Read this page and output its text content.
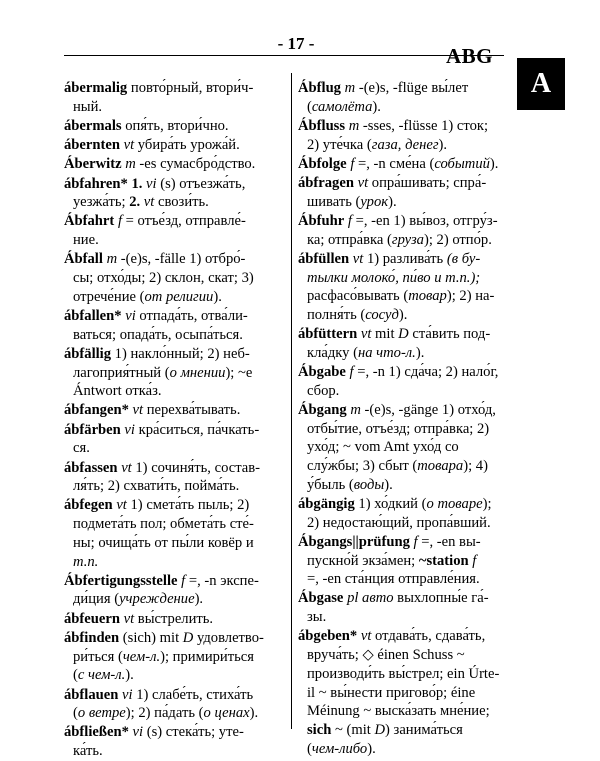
- 17 -
ABG
A
ábermalig повто́рный, втори́ч-
ный.
ábermals опя́ть, втори́чно.
ábernten vt убира́ть урожа́й.
Áberwitz m -es сумасбро́дство.
ábfahren* 1. vi (s) отъезжа́ть,
уезжа́ть; 2. vt свози́ть.
Ábfahrt f = отъе́зд, отправле́-
ние.
Ábfall m -(e)s, -fälle 1) отбро́-
сы; отхо́ды; 2) склон, скат; 3)
отрече́ние (от религии).
ábfallen* vi отпада́ть, отва́ли-
ваться; опада́ть, осыпа́ться.
ábfällig 1) накло́нный; 2) неб-
лагоприя́тный (о мнении); ~e
Ántwort отка́з.
ábfangen* vt перехва́тывать.
ábfärben vi кра́ситься, па́чкать-
ся.
ábfassen vt 1) сочиня́ть, состав-
ля́ть; 2) схвати́ть, пойма́ть.
ábfegen vt 1) смета́ть пыль; 2)
подмета́ть пол; обмета́ть сте́-
ны; очища́ть от пы́ли ковёр и
т.п.
Ábfertigungsstelle f =, -n экспе-
ди́ция (учреждение).
ábfeuern vt вы́стрелить.
ábfinden (sich) mit D удовлетво-
ри́ться (чем-л.); примири́ться
(с чем-л.).
ábflauen vi 1) слабе́ть, стиха́ть
(о ветре); 2) па́дать (о ценах).
ábfließen* vi (s) стека́ть; уте-
ка́ть.
Ábflug m -(e)s, -flüge вы́лет
(самолёта).
Ábfluss m -sses, -flüsse 1) сток;
2) уте́чка (газа, денег).
Ábfolge f =, -n сме́на (событий).
ábfragen vt опра́шивать; спра́-
шивать (урок).
Ábfuhr f =, -en 1) вы́воз, отгру́з-
ка; отпра́вка (груза); 2) отпо́р.
ábfüllen vt 1) разлива́ть (в бу-
тылки молоко́, пи́во и т.п.);
расфасо́вывать (товар); 2) на-
полня́ть (сосуд).
ábfüttern vt mit D ста́вить под-
кла́дку (на что-л.).
Ábgabe f =, -n 1) сда́ча; 2) нало́г,
сбор.
Ábgang m -(e)s, -gänge 1) отхо́д,
отбы́тие, отъе́зд; отпра́вка; 2)
ухо́д; ~ vom Amt ухо́д со
слу́жбы; 3) сбыт (товара); 4)
у́быль (воды).
ábgängig 1) хо́дкий (о товаре);
2) недостаю́щий, пропа́вший.
Ábgangs||prüfung f =, -en вы-
пускно́й экза́мен; ~station f
=, -en ста́нция отправле́ния.
Ábgase pl авто выхлопны́е га́-
зы.
ábgeben* vt отдава́ть, сдава́ть,
вруча́ть; ◇ éinen Schuss ~
производи́ть вы́стрел; ein Úrte-
il ~ вы́нести пригово́р; éine
Méinung ~ выска́зать мне́ние;
sich ~ (mit D) занима́ться
(чем-либо).
